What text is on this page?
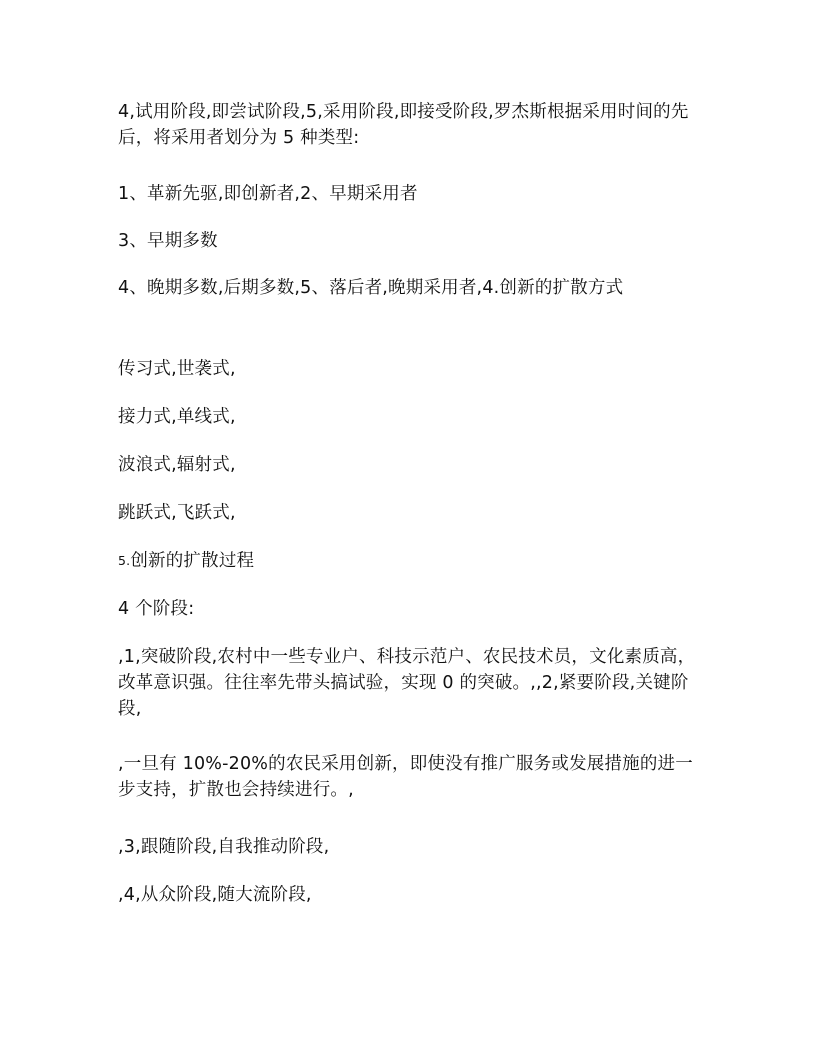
4,试用阶段,即尝试阶段,5,采用阶段,即接受阶段,罗杰斯根据采用时间的先后，将采用者划分为 5 种类型:

1、革新先驱,即创新者,2、早期采用者

3、早期多数

4、晚期多数,后期多数,5、落后者,晚期采用者,4.创新的扩散方式

传习式,世袭式,

接力式,单线式,

波浪式,辐射式,

跳跃式,飞跃式,

5.创新的扩散过程

4 个阶段:

,1,突破阶段,农村中一些专业户、科技示范户、农民技术员，文化素质高，改革意识强。往往率先带头搞试验，实现 0 的突破。,,2,紧要阶段,关键阶段,

,一旦有 10%-20%的农民采用创新，即使没有推广服务或发展措施的进一步支持，扩散也会持续进行。,

,3,跟随阶段,自我推动阶段,

,4,从众阶段,随大流阶段,
